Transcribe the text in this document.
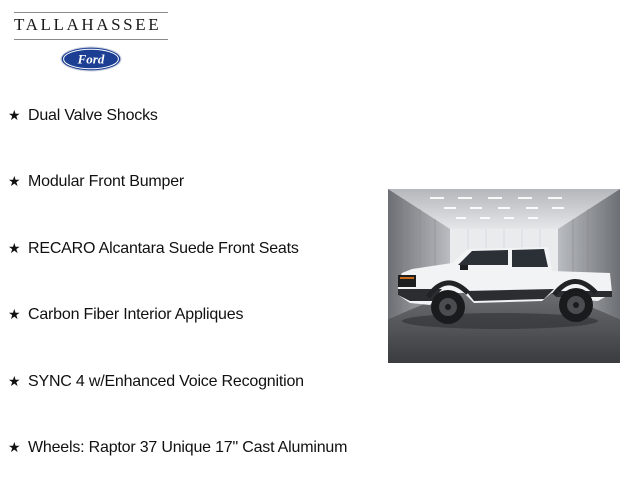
TALLAHASSEE
Ford
★ Dual Valve Shocks
★ Modular Front Bumper
★ RECARO Alcantara Suede Front Seats
★ Carbon Fiber Interior Appliques
★ SYNC 4 w/Enhanced Voice Recognition
★ Wheels: Raptor 37 Unique 17" Cast Aluminum
